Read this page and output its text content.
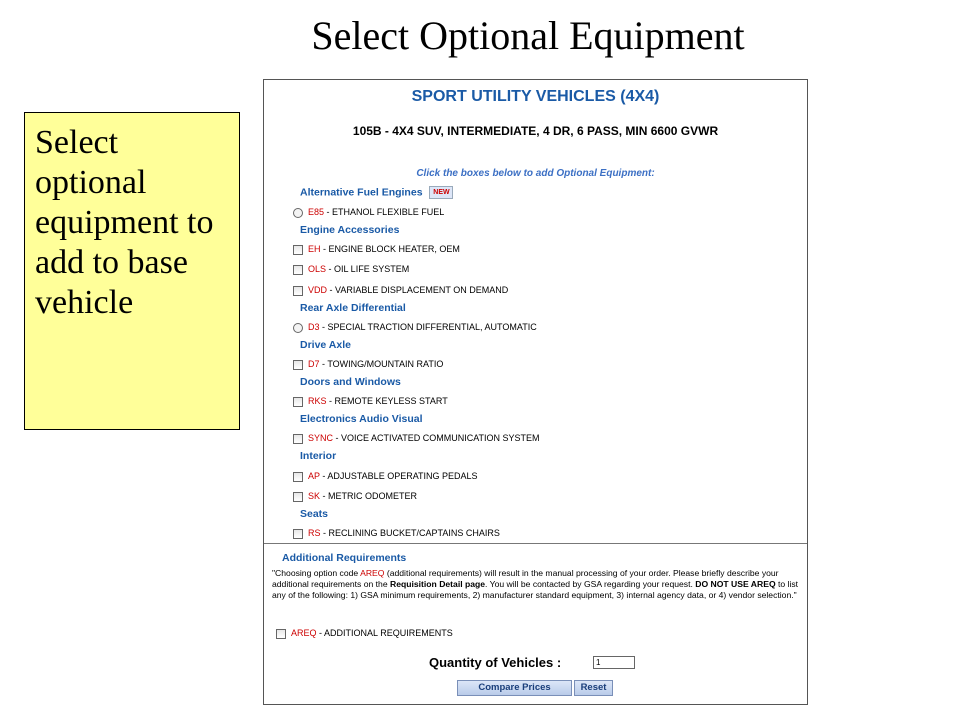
Select Optional Equipment
Select optional equipment to add to base vehicle
SPORT UTILITY VEHICLES (4X4)
105B - 4X4 SUV, INTERMEDIATE, 4 DR, 6 PASS, MIN 6600 GVWR
Click the boxes below to add Optional Equipment:
Alternative Fuel Engines NEW
E85 - ETHANOL FLEXIBLE FUEL
Engine Accessories
EH - ENGINE BLOCK HEATER, OEM
OLS - OIL LIFE SYSTEM
VDD - VARIABLE DISPLACEMENT ON DEMAND
Rear Axle Differential
D3 - SPECIAL TRACTION DIFFERENTIAL, AUTOMATIC
Drive Axle
D7 - TOWING/MOUNTAIN RATIO
Doors and Windows
RKS - REMOTE KEYLESS START
Electronics Audio Visual
SYNC - VOICE ACTIVATED COMMUNICATION SYSTEM
Interior
AP - ADJUSTABLE OPERATING PEDALS
SK - METRIC ODOMETER
Seats
RS - RECLINING BUCKET/CAPTAINS CHAIRS
Additional Requirements
"Choosing option code AREQ (additional requirements) will result in the manual processing of your order. Please briefly describe your additional requirements on the Requisition Detail page. You will be contacted by GSA regarding your request. DO NOT USE AREQ to list any of the following: 1) GSA minimum requirements, 2) manufacturer standard equipment, 3) internal agency data, or 4) vendor selection."
AREQ - ADDITIONAL REQUIREMENTS
Quantity of Vehicles :
1
Compare Prices	Reset
